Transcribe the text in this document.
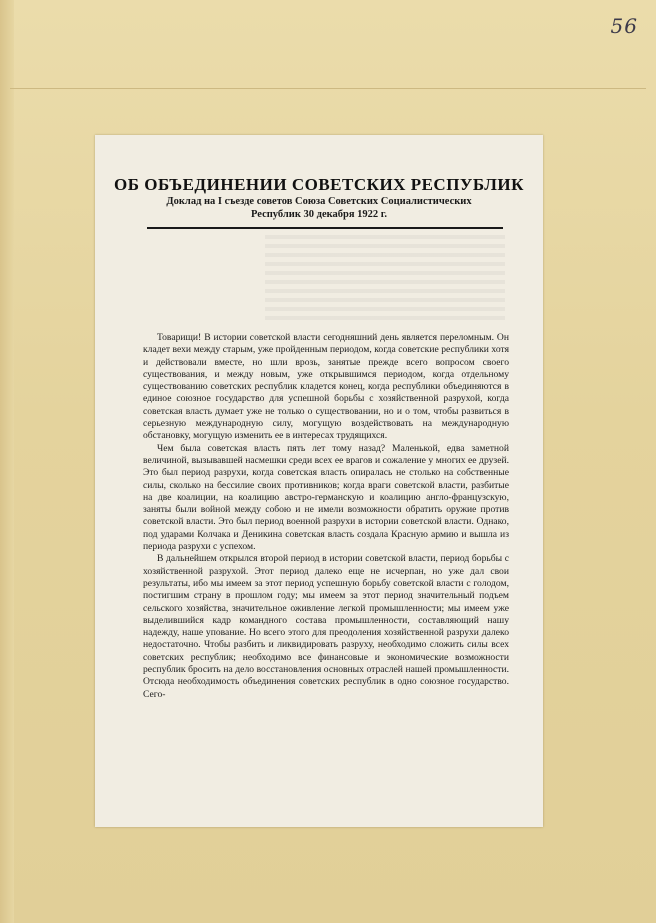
56
ОБ ОБЪЕДИНЕНИИ СОВЕТСКИХ РЕСПУБЛИК
Доклад на I съезде советов Союза Советских Социалистических
Республик 30 декабря 1922 г.

Товарищи! В истории советской власти сегодняшний день является переломным. Он кладет вехи между старым, уже пройденным периодом, когда советские республики хотя и действовали вместе, но шли врозь, занятые прежде всего вопросом своего существования, и между новым, уже открывшимся периодом, когда отдельному существованию советских республик кладется конец, когда республики объединяются в единое союзное государство для успешной борьбы с хозяйственной разрухой, когда советская власть думает уже не только о существовании, но и о том, чтобы развиться в серьезную международную силу, могущую воздействовать на международную обстановку, могущую изменить ее в интересах трудящихся.

Чем была советская власть пять лет тому назад? Маленькой, едва заметной величиной, вызывавшей насмешки среди всех ее врагов и сожаление у многих ее друзей. Это был период разрухи, когда советская власть опиралась не столько на собственные силы, сколько на бессилие своих противников; когда враги советской власти, разбитые на две коалиции, на коалицию австро-германскую и коалицию англо-французскую, заняты были войной между собою и не имели возможности обратить оружие против советской власти. Это был период военной разрухи в истории советской власти. Однако, под ударами Колчака и Деникина советская власть создала Красную армию и вышла из периода разрухи с успехом.

В дальнейшем открылся второй период в истории советской власти, период борьбы с хозяйственной разрухой. Этот период далеко еще не исчерпан, но уже дал свои результаты, ибо мы имеем за этот период успешную борьбу советской власти с голодом, постигшим страну в прошлом году; мы имеем за этот период значительный подъем сельского хозяйства, значительное оживление легкой промышленности; мы имеем уже выделившийся кадр командного состава промышленности, составляющий нашу надежду, наше упование. Но всего этого для преодоления хозяйственной разрухи далеко недостаточно. Чтобы разбить и ликвидировать разруху, необходимо сложить силы всех советских республик; необходимо все финансовые и экономические возможности республик бросить на дело восстановления основных отраслей нашей промышленности. Отсюда необходимость объединения советских республик в одно союзное государство. Сего-
